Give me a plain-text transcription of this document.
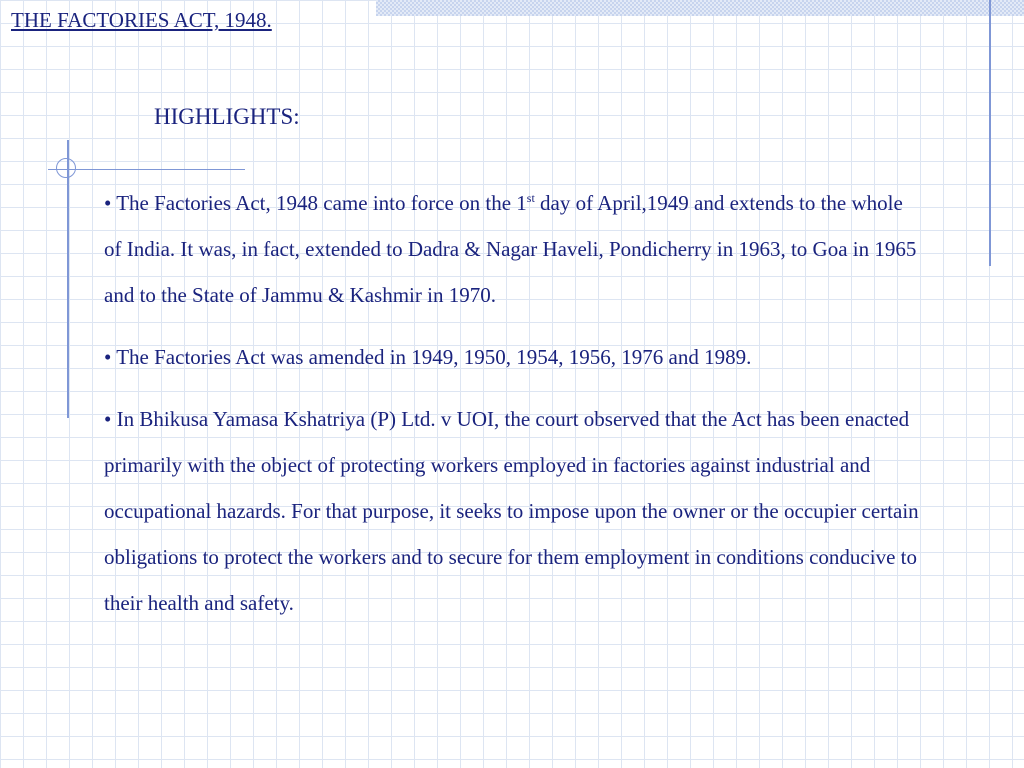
THE FACTORIES ACT, 1948.
HIGHLIGHTS:

• The Factories Act, 1948 came into force on the 1st day of April,1949 and extends to the whole of India. It was, in fact, extended to Dadra & Nagar Haveli, Pondicherry in 1963, to Goa in 1965 and to the State of Jammu & Kashmir in 1970.

• The Factories Act was amended in 1949, 1950, 1954, 1956, 1976 and 1989.

• In Bhikusa Yamasa Kshatriya (P) Ltd. v UOI, the court observed that the Act has been enacted primarily with the object of protecting workers employed in factories against industrial and occupational hazards. For that purpose, it seeks to impose upon the owner or the occupier certain obligations to protect the workers and to secure for them employment in conditions conducive to their health and safety.
